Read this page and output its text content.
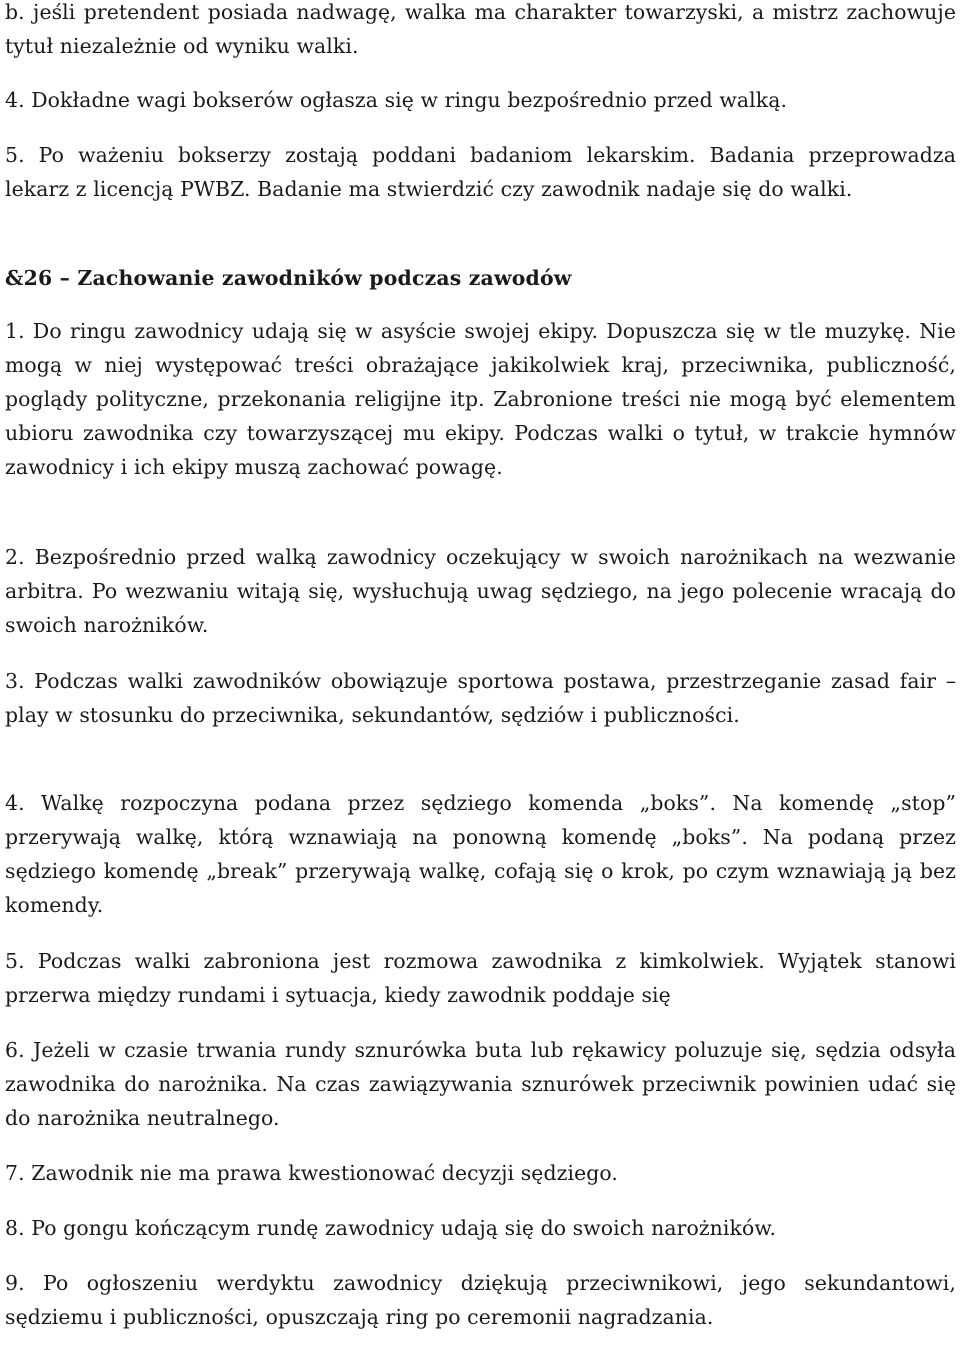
b. jeśli pretendent posiada nadwagę, walka ma charakter towarzyski, a mistrz zachowuje tytuł niezależnie od wyniku walki.

4. Dokładne wagi bokserów ogłasza się w ringu bezpośrednio przed walką.

5. Po ważeniu bokserzy zostają poddani badaniom lekarskim. Badania przeprowadza lekarz z licencją PWBZ. Badanie ma stwierdzić czy zawodnik nadaje się do walki.

&26 – Zachowanie zawodników podczas zawodów

1. Do ringu zawodnicy udają się w asyście swojej ekipy. Dopuszcza się w tle muzykę. Nie mogą w niej występować treści obrażające jakikolwiek kraj, przeciwnika, publiczność, poglądy polityczne, przekonania religijne itp. Zabronione treści nie mogą być elementem ubioru zawodnika czy towarzyszącej mu ekipy. Podczas walki o tytuł, w trakcie hymnów zawodnicy i ich ekipy muszą zachować powagę.

2. Bezpośrednio przed walką zawodnicy oczekujący w swoich narożnikach na wezwanie arbitra. Po wezwaniu witają się, wysłuchują uwag sędziego, na jego polecenie wracają do swoich narożników.

3. Podczas walki zawodników obowiązuje sportowa postawa, przestrzeganie zasad fair – play w stosunku do przeciwnika, sekundantów, sędziów i publiczności.

4. Walkę rozpoczyna podana przez sędziego komenda „boks”. Na komendę „stop” przerywają walkę, którą wznawiają na ponowną komendę „boks”. Na podaną przez sędziego komendę „break” przerywają walkę, cofają się o krok, po czym wznawiają ją bez komendy.

5. Podczas walki zabroniona jest rozmowa zawodnika z kimkolwiek. Wyjątek stanowi przerwa między rundami i sytuacja, kiedy zawodnik poddaje się

6. Jeżeli w czasie trwania rundy sznurówka buta lub rękawicy poluzuje się, sędzia odsyła zawodnika do narożnika. Na czas zawiązywania sznurówek przeciwnik powinien udać się do narożnika neutralnego.

7. Zawodnik nie ma prawa kwestionować decyzji sędziego.

8. Po gongu kończącym rundę zawodnicy udają się do swoich narożników.

9. Po ogłoszeniu werdyktu zawodnicy dziękują przeciwnikowi, jego sekundantowi, sędziemu i publiczności, opuszczają ring po ceremonii nagradzania.
